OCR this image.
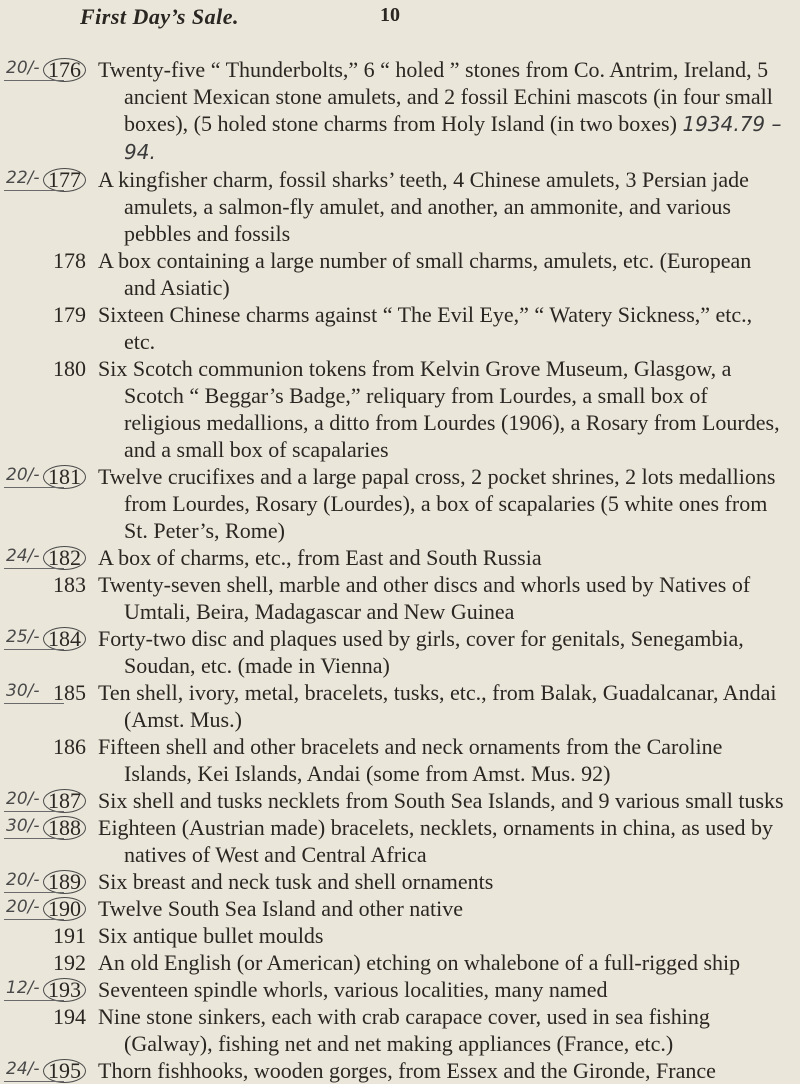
First Day’s Sale.	10
20/- 176 Twenty-five “ Thunderbolts,” 6 “ holed ” stones from Co. Antrim, Ireland, 5 ancient Mexican stone amulets, and 2 fossil Echini mascots (in four small boxes), (5 holed stone charms from Holy Island (in two boxes) 1934.79 – 94.
22/- 177 A kingfisher charm, fossil sharks’ teeth, 4 Chinese amulets, 3 Persian jade amulets, a salmon-fly amulet, and another, an ammonite, and various pebbles and fossils
178 A box containing a large number of small charms, amulets, etc. (European and Asiatic)
179 Sixteen Chinese charms against “ The Evil Eye,” “ Watery Sickness,” etc., etc.
180 Six Scotch communion tokens from Kelvin Grove Museum, Glasgow, a Scotch “ Beggar’s Badge,” reliquary from Lourdes, a small box of religious medallions, a ditto from Lourdes (1906), a Rosary from Lourdes, and a small box of scapalaries
20/- 181 Twelve crucifixes and a large papal cross, 2 pocket shrines, 2 lots medallions from Lourdes, Rosary (Lourdes), a box of scapalaries (5 white ones from St. Peter’s, Rome)
24/- 182 A box of charms, etc., from East and South Russia
183 Twenty-seven shell, marble and other discs and whorls used by Natives of Umtali, Beira, Madagascar and New Guinea
25/- 184 Forty-two disc and plaques used by girls, cover for genitals, Senegambia, Soudan, etc. (made in Vienna)
30/- 185 Ten shell, ivory, metal, bracelets, tusks, etc., from Balak, Guadalcanar, Andai (Amst. Mus.)
186 Fifteen shell and other bracelets and neck ornaments from the Caroline Islands, Kei Islands, Andai (some from Amst. Mus. 92)
20/- 187 Six shell and tusks necklets from South Sea Islands, and 9 various small tusks
30/- 188 Eighteen (Austrian made) bracelets, necklets, ornaments in china, as used by natives of West and Central Africa
20/- 189 Six breast and neck tusk and shell ornaments
20/- 190 Twelve South Sea Island and other native
191 Six antique bullet moulds
192 An old English (or American) etching on whalebone of a full-rigged ship
12/- 193 Seventeen spindle whorls, various localities, many named
194 Nine stone sinkers, each with crab carapace cover, used in sea fishing (Galway), fishing net and net making appliances (France, etc.)
24/- 195 Thorn fishhooks, wooden gorges, from Essex and the Gironde, France
